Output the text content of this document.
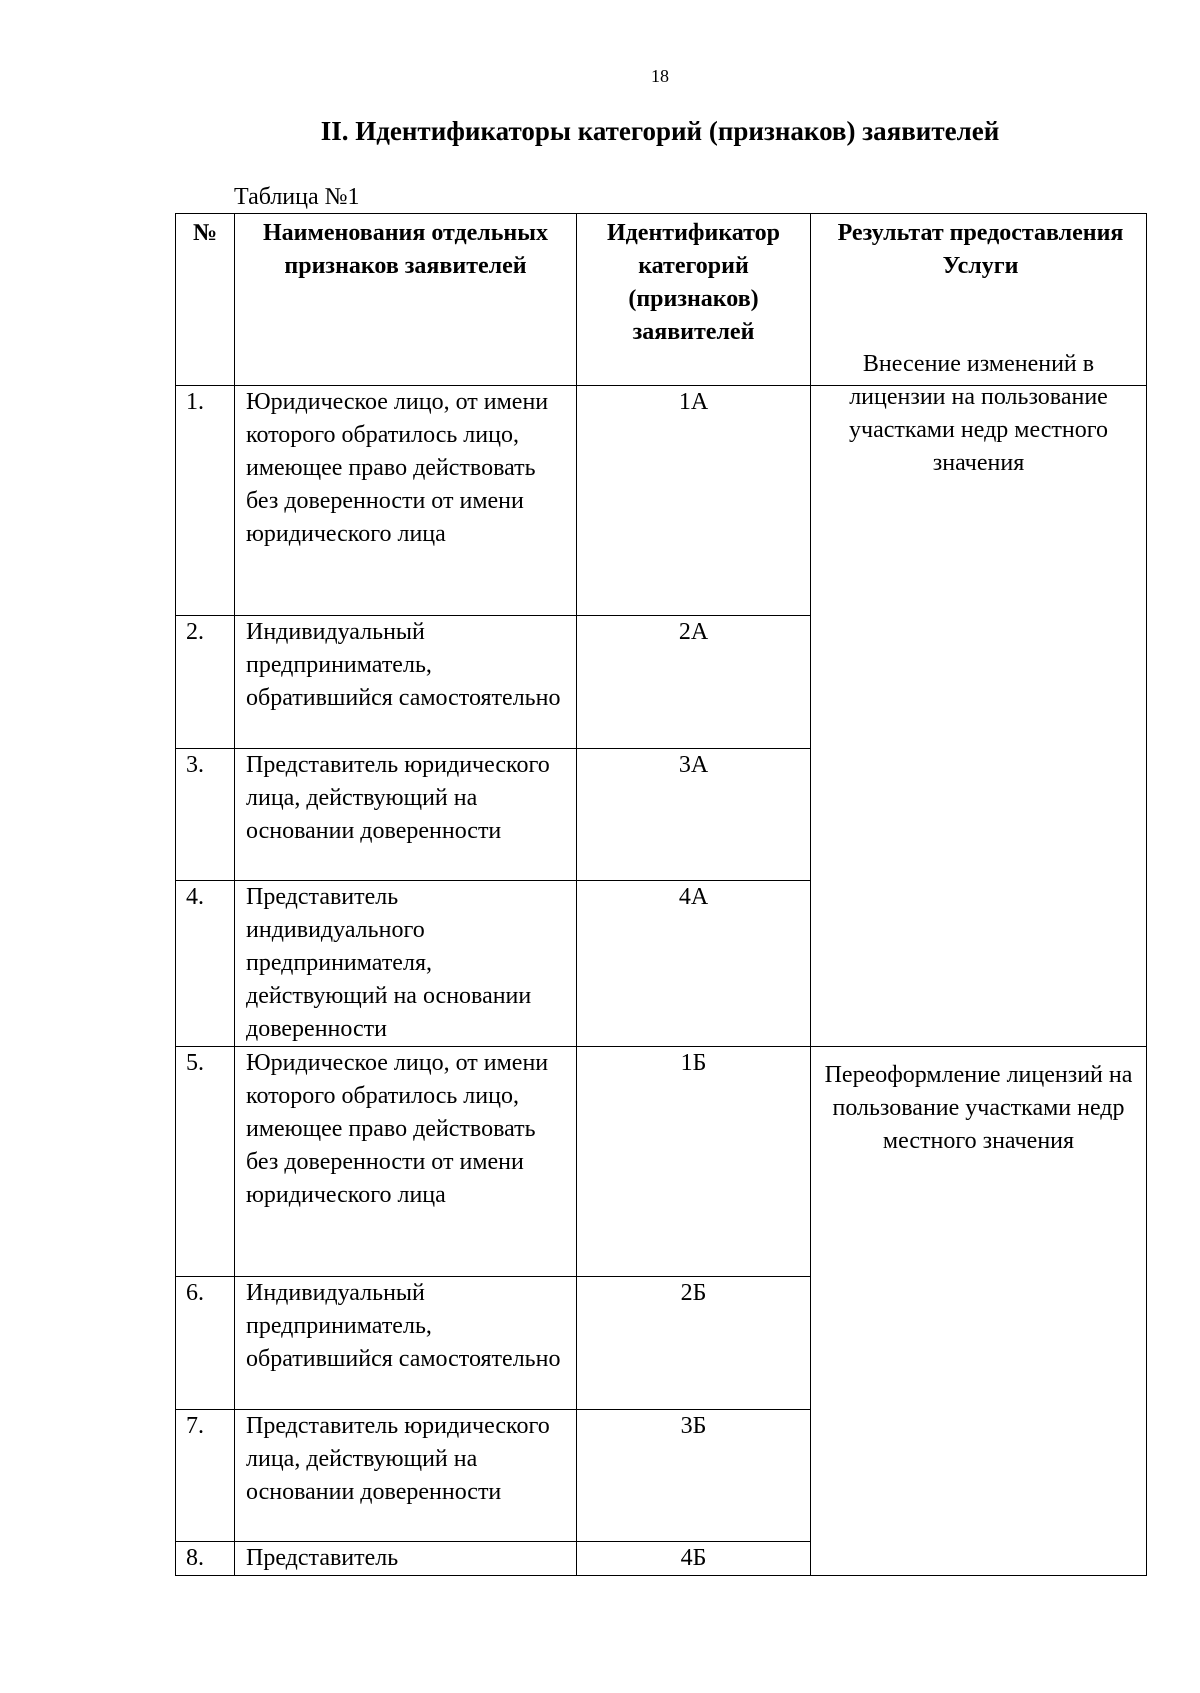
18
II. Идентификаторы категорий (признаков) заявителей
Таблица №1
№	Наименования отдельных признаков заявителей	Идентификатор категорий (признаков) заявителей	Результат предоставления Услуги
1.	Юридическое лицо, от имени которого обратилось лицо, имеющее право действовать без доверенности от имени юридического лица	1А	Внесение изменений в лицензии на пользование участками недр местного значения

2.	Индивидуальный предприниматель, обратившийся самостоятельно	2А	
3.	Представитель юридического лица, действующий на основании доверенности	3А	
4.	Представитель индивидуального предпринимателя, действующий на основании доверенности	4А	
5.	Юридическое лицо, от имени которого обратилось лицо, имеющее право действовать без доверенности от имени юридического лица	1Б	Переоформление лицензий на пользование участками недр местного значения

6.	Индивидуальный предприниматель, обратившийся самостоятельно	2Б	
7.	Представитель юридического лица, действующий на основании доверенности	3Б	
8.	Представитель	4Б	
